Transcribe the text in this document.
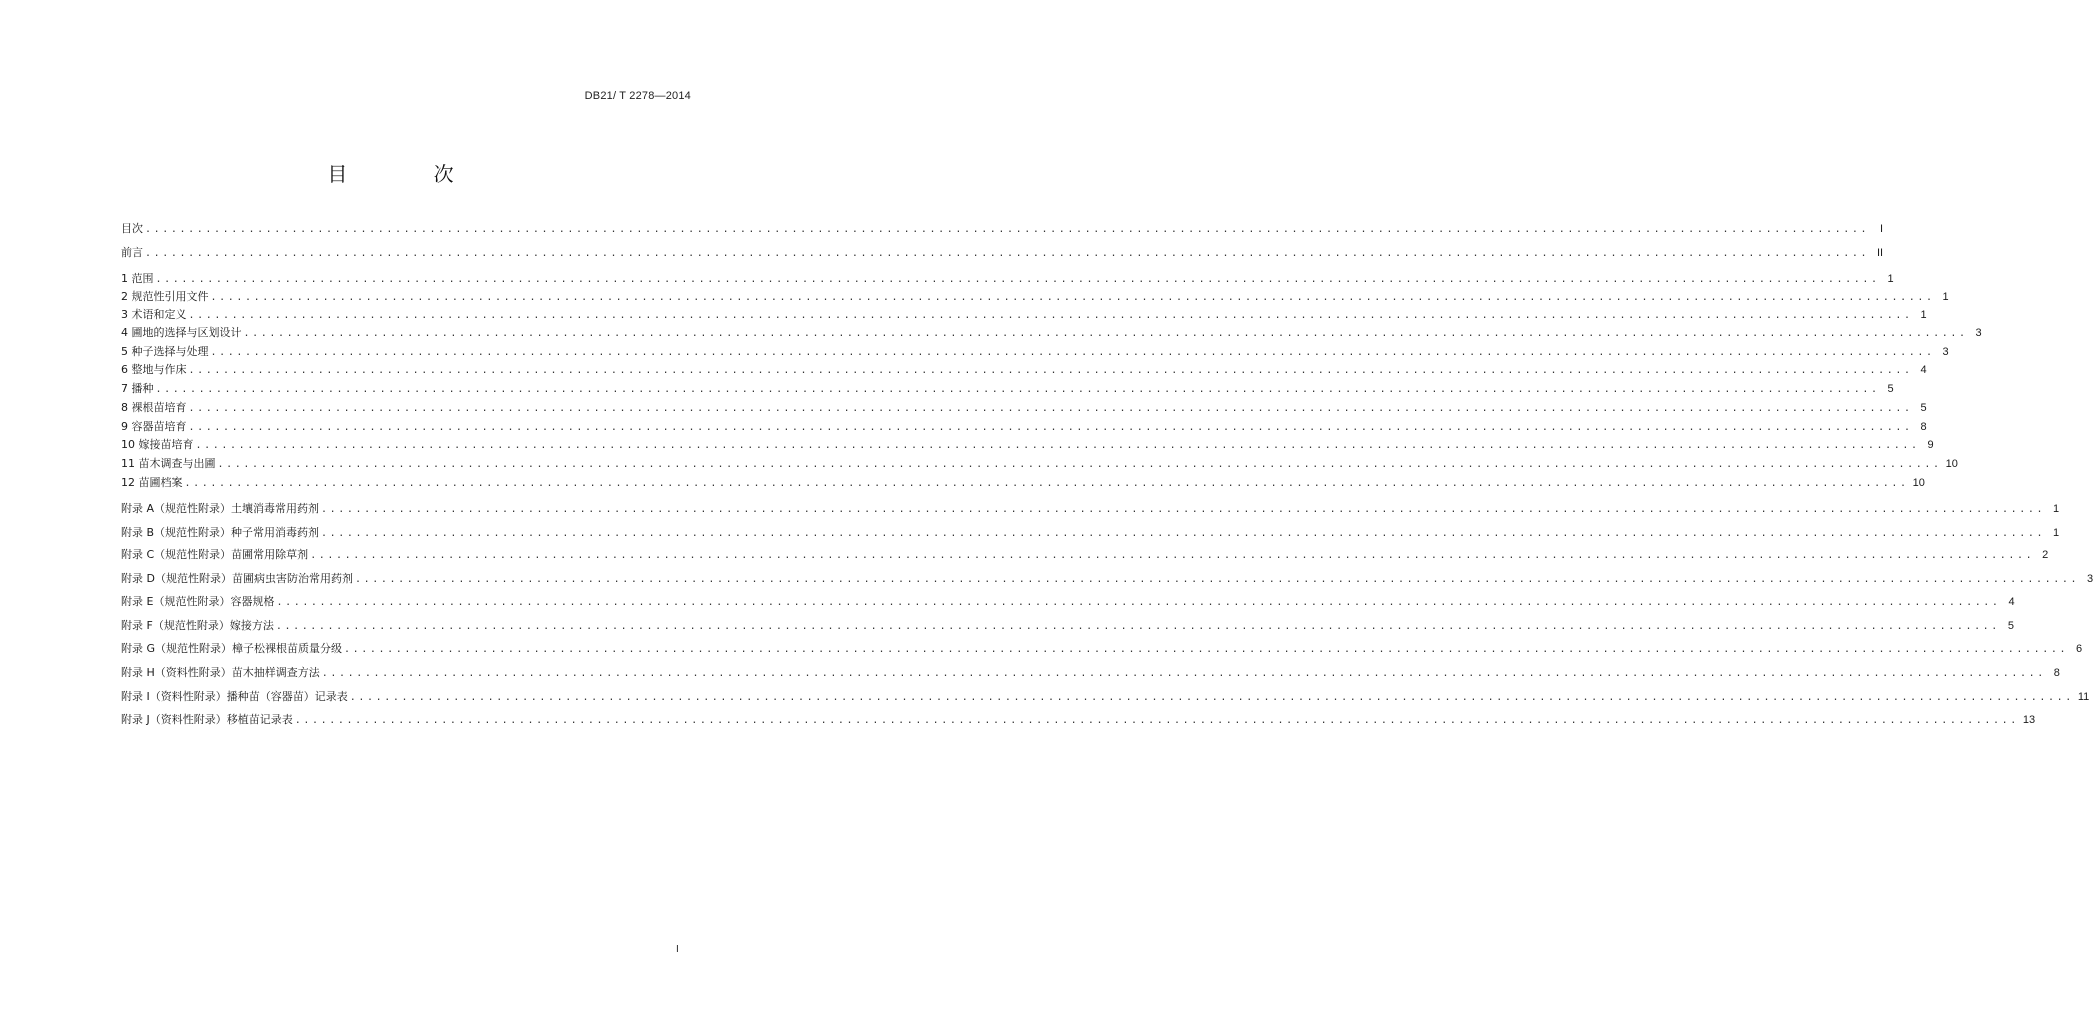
DB21/ T 2278—2014
目 次
目次 ........................................................................................................................................................................................................ I
前言 ........................................................................................................................................................................................................ II
1 范围 ........................................................................................................................................................................................................ 1
2 规范性引用文件 ........................................................................................................................................................................................................ 1
3 术语和定义 ........................................................................................................................................................................................................ 1
4 圃地的选择与区划设计 ........................................................................................................................................................................................................ 3
5 种子选择与处理 ........................................................................................................................................................................................................ 3
6 整地与作床 ........................................................................................................................................................................................................ 4
7 播种 ........................................................................................................................................................................................................ 5
8 裸根苗培育 ........................................................................................................................................................................................................ 5
9 容器苗培育 ........................................................................................................................................................................................................ 8
10 嫁接苗培育 ........................................................................................................................................................................................................ 9
11 苗木调查与出圃 ........................................................................................................................................................................................................ 10
12 苗圃档案 ........................................................................................................................................................................................................ 10
附录 A（规范性附录）土壤消毒常用药剂 ........................................................................................................................................................................................................ 1
附录 B（规范性附录）种子常用消毒药剂 ........................................................................................................................................................................................................ 1
附录 C（规范性附录）苗圃常用除草剂 ........................................................................................................................................................................................................ 2
附录 D（规范性附录）苗圃病虫害防治常用药剂 ........................................................................................................................................................................................................ 3
附录 E（规范性附录）容器规格 ........................................................................................................................................................................................................ 4
附录 F（规范性附录）嫁接方法 ........................................................................................................................................................................................................ 5
附录 G（规范性附录）樟子松裸根苗质量分级 ........................................................................................................................................................................................................ 6
附录 H（资料性附录）苗木抽样调查方法 ........................................................................................................................................................................................................ 8
附录 I（资料性附录）播种苗（容器苗）记录表 ........................................................................................................................................................................................................ 11
附录 J（资料性附录）移植苗记录表 ........................................................................................................................................................................................................ 13
I
